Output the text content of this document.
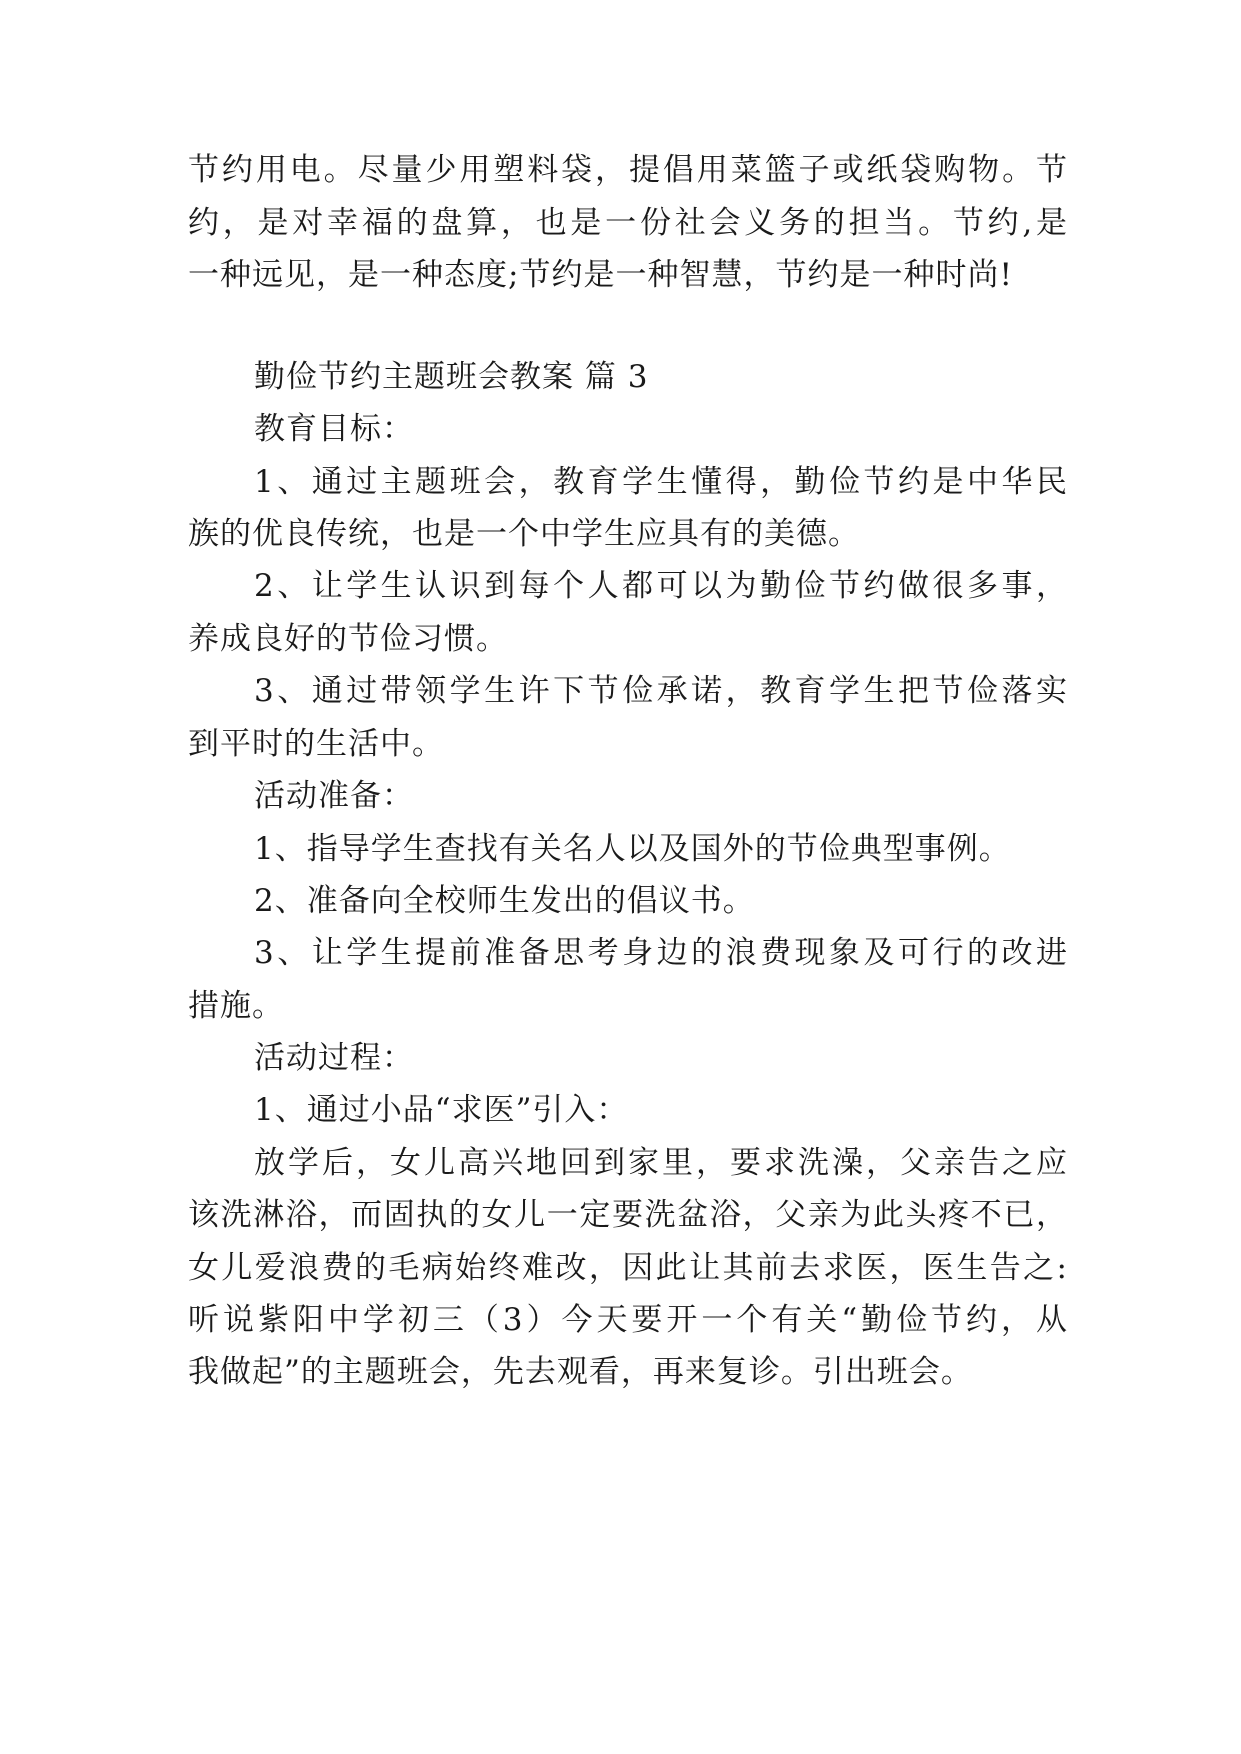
节约用电。尽量少用塑料袋，提倡用菜篮子或纸袋购物。节
约，是对幸福的盘算，也是一份社会义务的担当。节约,是
一种远见，是一种态度;节约是一种智慧，节约是一种时尚!
勤俭节约主题班会教案 篇 3
教育目标：
1、通过主题班会，教育学生懂得，勤俭节约是中华民
族的优良传统，也是一个中学生应具有的美德。
2、让学生认识到每个人都可以为勤俭节约做很多事，
养成良好的节俭习惯。
3、通过带领学生许下节俭承诺，教育学生把节俭落实
到平时的生活中。
活动准备：
1、指导学生查找有关名人以及国外的节俭典型事例。
2、准备向全校师生发出的倡议书。
3、让学生提前准备思考身边的浪费现象及可行的改进
措施。
活动过程：
1、通过小品“求医”引入：
放学后，女儿高兴地回到家里，要求洗澡，父亲告之应
该洗淋浴，而固执的女儿一定要洗盆浴，父亲为此头疼不已，
女儿爱浪费的毛病始终难改，因此让其前去求医，医生告之:
听说紫阳中学初三（3）今天要开一个有关“勤俭节约，从
我做起”的主题班会，先去观看，再来复诊。引出班会。
